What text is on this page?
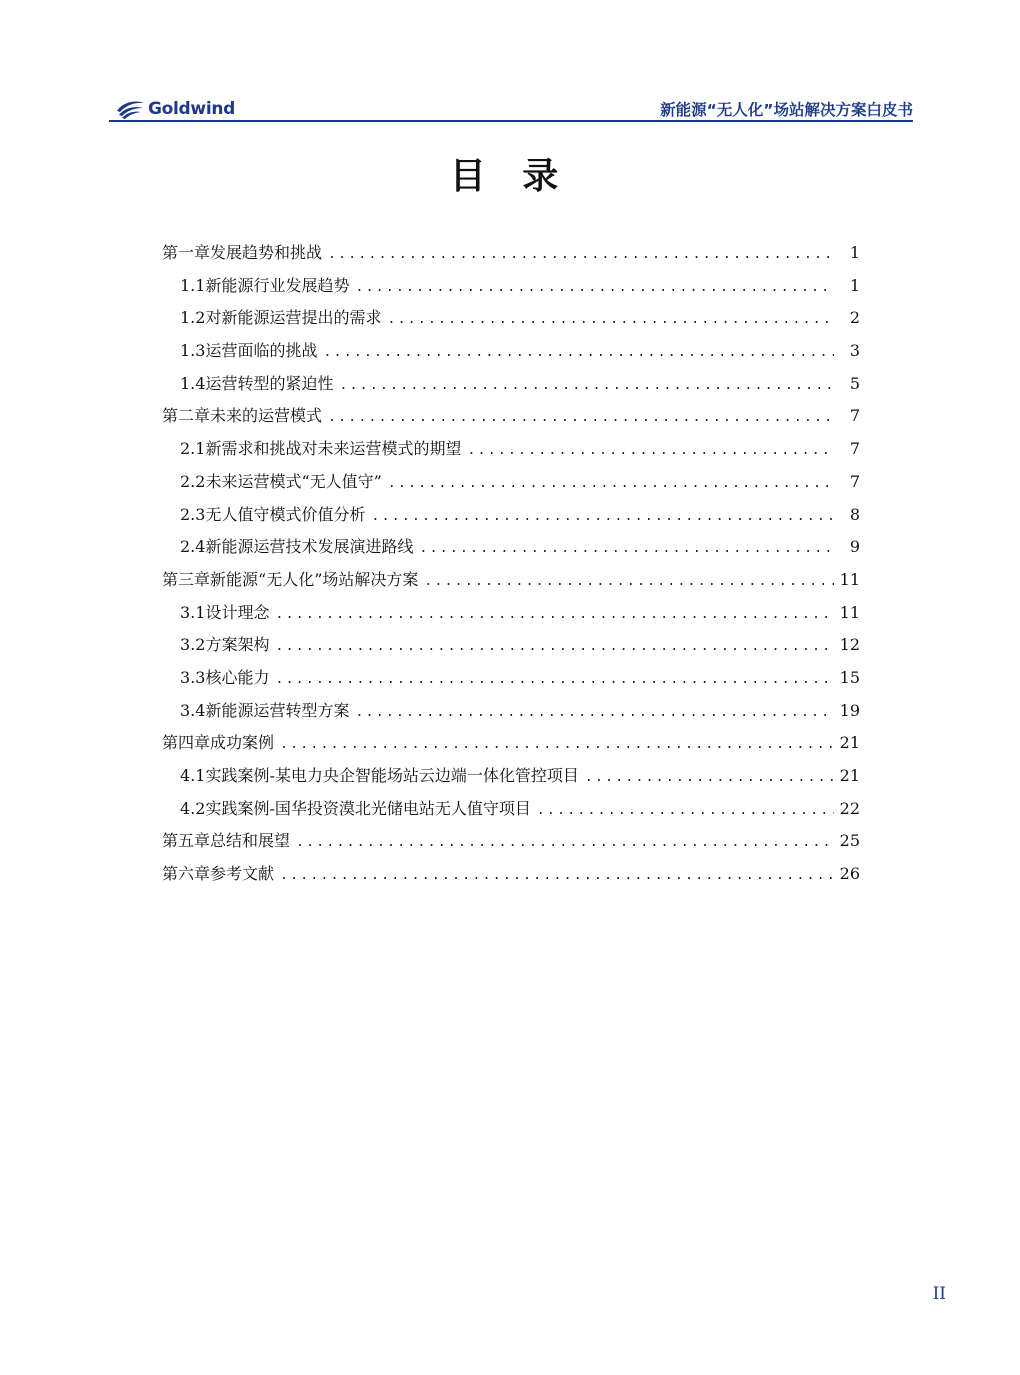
Goldwind	新能源“无人化”场站解决方案白皮书
目 录
第一章 发展趋势和挑战 .....	1
1.1 新能源行业发展趋势 .....	1
1.2 对新能源运营提出的需求 .....	2
1.3 运营面临的挑战 .....	3
1.4 运营转型的紧迫性 .....	5
第二章 未来的运营模式 .....	7
2.1 新需求和挑战对未来运营模式的期望 .....	7
2.2 未来运营模式“无人值守” .....	7
2.3 无人值守模式价值分析 .....	8
2.4 新能源运营技术发展演进路线 .....	9
第三章 新能源“无人化”场站解决方案 .....	11
3.1 设计理念 .....	11
3.2 方案架构 .....	12
3.3 核心能力 .....	15
3.4 新能源运营转型方案 .....	19
第四章 成功案例 .....	21
4.1 实践案例-某电力央企智能场站云边端一体化管控项目 .....	21
4.2 实践案例-国华投资漠北光储电站无人值守项目 .....	22
第五章 总结和展望 .....	25
第六章 参考文献 .....	26
II
